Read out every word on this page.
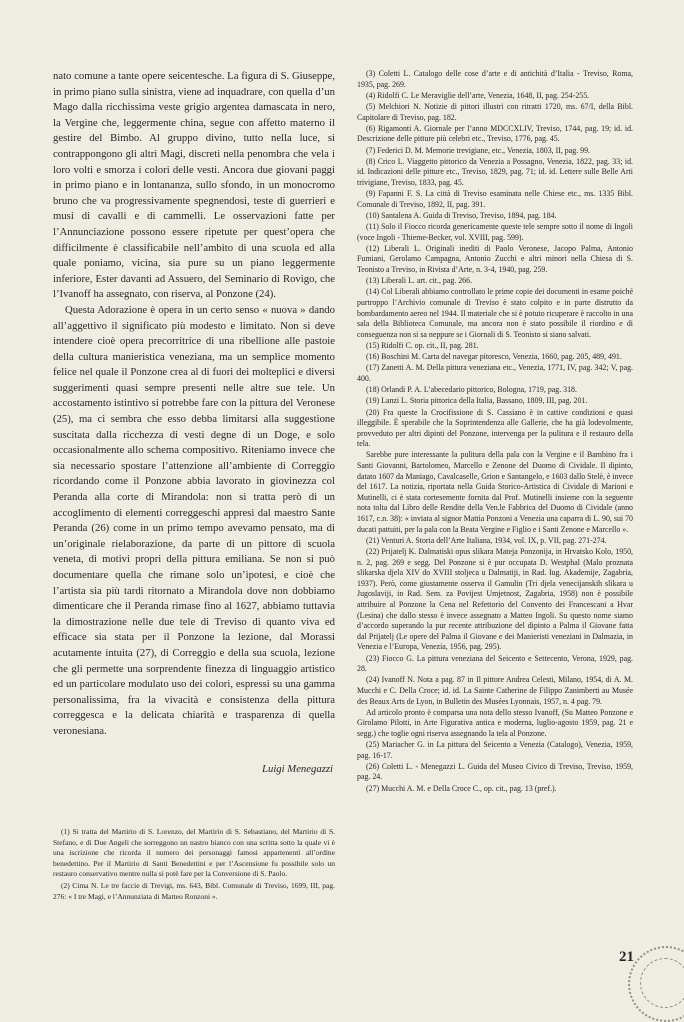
nato comune a tante opere seicentesche. La figura di S. Giuseppe, in primo piano sulla sinistra, viene ad inquadrare, con quella d’un Mago dalla ricchissima veste grigio argentea damascata in nero, la Vergine che, leggermente china, segue con affetto materno il gestire del Bimbo. Al gruppo divino, tutto nella luce, si contrappongono gli altri Magi, discreti nella penombra che vela i loro volti e smorza i colori delle vesti. Ancora due giovani paggi in primo piano e in lontananza, sullo sfondo, in un monocromo bruno che va progressivamente spegnendosi, teste di guerrieri e musi di cavalli e di cammelli. Le osservazioni fatte per l’Annunciazione possono essere ripetute per quest’opera che difficilmente è classificabile nell’ambito di una scuola ed alla quale poniamo, vicina, sia pure su un piano leggermente inferiore, Ester davanti ad Assuero, del Seminario di Rovigo, che l’Ivanoff ha assegnato, con riserva, al Ponzone (24).

Questa Adorazione è opera in un certo senso « nuova » dando all’aggettivo il significato più modesto e limitato. Non si deve intendere cioè opera precorritrice di una ribellione alle pastoie della cultura manieristica veneziana, ma un semplice momento felice nel quale il Ponzone crea al di fuori dei molteplici e diversi suggerimenti quasi sempre presenti nelle altre sue tele. Un accostamento istintivo si potrebbe fare con la pittura del Veronese (25), ma ci sembra che esso debba limitarsi alla suggestione suscitata dalla ricchezza di vesti degne di un Doge, e solo occasionalmente allo schema compositivo. Riteniamo invece che sia necessario spostare l’attenzione all’ambiente di Correggio ricordando come il Ponzone abbia lavorato in giovinezza col Peranda alla corte di Mirandola: non si tratta però di un accoglimento di elementi correggeschi appresi dal maestro Sante Peranda (26) come in un primo tempo avevamo pensato, ma di un’originale rielaborazione, da parte di un pittore di scuola veneta, di motivi propri della pittura emiliana. Se non si può documentare quella che rimane solo un’ipotesi, e cioè che l’artista sia più tardi ritornato a Mirandola dove non dobbiamo dimenticare che il Peranda rimase fino al 1627, abbiamo tuttavia la dimostrazione nelle due tele di Treviso di quanto viva ed efficace sia stata per il Ponzone la lezione, dal Morassi acutamente intuita (27), di Correggio e della sua scuola, lezione che gli permette una sorprendente finezza di linguaggio artistico ed un particolare modulato uso dei colori, espressi su una gamma personalissima, fra la vivacità e consistenza della pittura correggesca e la delicata chiarità e trasparenza di quella veronesiana.

Luigi Menegazzi

(1) Si tratta del Martirio di S. Lorenzo, del Martirio di S. Sebastiano, del Martirio di S. Stefano, e di Due Angeli che sorreggono un nastro bianco con una scritta sotto la quale vi è una iscrizione che ricorda il numero dei personaggi famosi appartenenti all’ordine benedettino. Per il Martirio di Santi Benedettini e per l’Ascensione fu possibile solo un restauro conservativo mentre nulla si potè fare per la Conversione di S. Paolo.

(2) Cima N. Le tre faccie di Trevigi, ms. 643, Bibl. Comunale di Treviso, 1699, III, pag. 276: « I tre Magi, e l’Annunziata di Matteo Ronzoni ».

(3) Coletti L. Catalogo delle cose d’arte e di antichità d’Italia - Treviso, Roma, 1935, pag. 269.

(4) Ridolfi C. Le Meraviglie dell’arte, Venezia, 1648, II, pag. 254-255.

(5) Melchiori N. Notizie di pittori illustri con ritratti 1720, ms. 67/I, della Bibl. Capitolare di Treviso, pag. 182.

(6) Rigamonti A. Giornale per l’anno MDCCXLIV, Treviso, 1744, pag. 19; id. id. Descrizione delle pitture più celebri etc., Treviso, 1776, pag. 45.

(7) Federici D. M. Memorie trevigiane, etc., Venezia, 1803, II, pag. 99.

(8) Crico L. Viaggetto pittorico da Venezia a Possagno, Venezia, 1822, pag. 33; id. id. Indicazioni delle pitture etc., Treviso, 1829, pag. 71; id. id. Lettere sulle Belle Arti trivigiane, Treviso, 1833, pag. 45.

(9) Fapanni F. S. La città di Treviso esaminata nelle Chiese etc., ms. 1335 Bibl. Comunale di Treviso, 1892, II, pag. 391.

(10) Santalena A. Guida di Treviso, Treviso, 1894, pag. 184.

(11) Solo il Fiocco ricorda genericamente queste tele sempre sotto il nome di Ingoli (voce Ingoli - Thieme-Becker, vol. XVIII, pag. 599).

(12) Liberali L. Originali inediti di Paolo Veronese, Jacopo Palma, Antonio Fumiani, Gerolamo Campagna, Antonio Zucchi e altri minori nella Chiesa di S. Teonisto a Treviso, in Rivista d’Arte, n. 3-4, 1940, pag. 259.

(13) Liberali L. art. cit., pag. 266.

(14) Col Liberali abbiamo controllato le prime copie dei documenti in esame poiché purtroppo l’Archivio comunale di Treviso è stato colpito e in parte distrutto da bombardamento aereo nel 1944. Il materiale che si è potuto ricuperare è raccolto in una sala della Biblioteca Comunale, ma ancora non è stato possibile il riordino e di conseguenza non si sa neppure se i Giornali di S. Teonisto si siano salvati.

(15) Ridolfi C. op. cit., II, pag. 281.

(16) Boschini M. Carta del navegar pitoresco, Venezia, 1660, pag. 205, 489, 491.

(17) Zanetti A. M. Della pittura veneziana etc., Venezia, 1771, IV, pag. 342; V, pag. 400.

(18) Orlandi P. A. L’abecedario pittorico, Bologna, 1719, pag. 318.

(19) Lanzi L. Storia pittorica della Italia, Bassano, 1809, III, pag. 201.

(20) Fra queste la Crocifissione di S. Cassiano è in cattive condizioni e quasi illeggibile. È sperabile che la Soprintendenza alle Gallerie, che ha già lodevolmente, provveduto per altri dipinti del Ponzone, intervenga per la pulitura e il restauro della tela.

Sarebbe pure interessante la pulitura della pala con la Vergine e il Bambino fra i Santi Giovanni, Bartolomeo, Marcello e Zenone del Duomo di Cividale. Il dipinto, datato 1607 da Maniago, Cavalcaselle, Grion e Santangelo, e 1603 dallo Stelè, è invece del 1617. La notizia, riportata nella Guida Storico-Artistica di Cividale di Marioni e Mutinelli, ci è stata cortesemente fornita dal Prof. Mutinelli insieme con la seguente nota tolta dal Libro delle Rendite della Ven.le Fabbrica del Duomo di Cividale (anno 1617, c.n. 38): « inviata al signor Mattia Ponzoni a Venezia una caparra di L. 90, sui 70 ducati pattuiti, per la pala con la Beata Vergine e Figlio e i Santi Zenone e Marcello ».

(21) Venturi A. Storia dell’Arte Italiana, 1934, vol. IX, p. VII, pag. 271-274.

(22) Prijatelj K. Dalmatiski opus slikara Mateja Ponzonija, in Hrvatsko Kolo, 1950, n. 2, pag. 269 e segg. Del Ponzone si è pur occupata D. Westphal (Malo proznata slikarska djela XIV do XVIII stoljeca u Dalmatiji, in Rad. Iug. Akademije, Zagabria, 1937). Però, come giustamente osserva il Gamulin (Tri djela venecijanskih slikara u Jugoslaviji, in Rad. Sem. za Povijest Umjetnost, Zagabria, 1958) non è possibile attribuire al Ponzone la Cena nel Refettorio del Convento dei Francescani a Hvar (Lesina) che dallo stesso è invece assegnato a Matteo Ingoli. Su questo nome siamo d’accordo superando la pur recente attribuzione del dipinto a Palma il Giovane fatta dal Prijatelj (Le opere del Palma il Giovane e dei Manieristi veneziani in Dalmazia, in Venezia e l’Europa, Venezia, 1956, pag. 295).

(23) Fiocco G. La pittura veneziana del Seicento e Settecento, Verona, 1929, pag. 28.

(24) Ivanoff N. Nota a pag. 87 in Il pittore Andrea Celesti, Milano, 1954, di A. M. Mucchi e C. Della Croce; id. id. La Sainte Catherine de Filippo Zanimberti au Musée des Beaux Arts de Lyon, in Bulletin des Musées Lyonnais, 1957, n. 4 pag. 79.

Ad articolo pronto è comparsa una nota dello stesso Ivanoff, (Su Matteo Ponzone e Girolamo Pilotti, in Arte Figurativa antica e moderna, luglio-agosto 1959, pag. 21 e segg.) che toglie ogni riserva assegnando la tela al Ponzone.

(25) Mariacher G. in La pittura del Seicento a Venezia (Catalogo), Venezia, 1959, pag. 16-17.

(26) Coletti L. - Menegazzi L. Guida del Museo Civico di Treviso, Treviso, 1959, pag. 24.

(27) Mucchi A. M. e Della Croce C., op. cit., pag. 13 (pref.).

21
